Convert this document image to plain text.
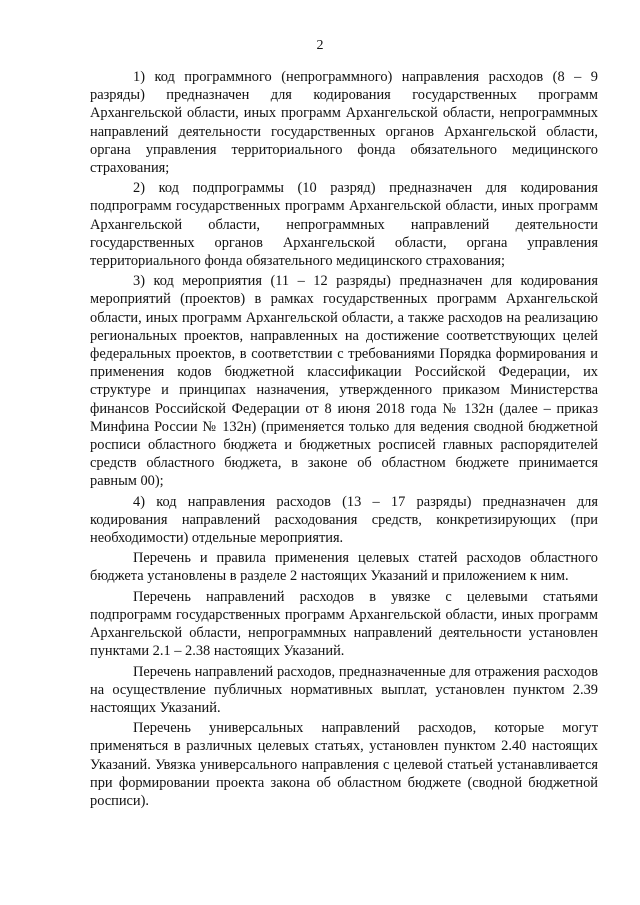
2

1) код программного (непрограммного) направления расходов (8 – 9 разряды) предназначен для кодирования государственных программ Архангельской области, иных программ Архангельской области, непрограммных направлений деятельности государственных органов Архангельской области, органа управления территориального фонда обязательного медицинского страхования;

2) код подпрограммы (10 разряд) предназначен для кодирования подпрограмм государственных программ Архангельской области, иных программ Архангельской области, непрограммных направлений деятельности государственных органов Архангельской области, органа управления территориального фонда обязательного медицинского страхования;

3) код мероприятия (11 – 12 разряды) предназначен для кодирования мероприятий (проектов) в рамках государственных программ Архангельской области, иных программ Архангельской области, а также расходов на реализацию региональных проектов, направленных на достижение соответствующих целей федеральных проектов, в соответствии с требованиями Порядка формирования и применения кодов бюджетной классификации Российской Федерации, их структуре и принципах назначения, утвержденного приказом Министерства финансов Российской Федерации от 8 июня 2018 года № 132н (далее – приказ Минфина России № 132н) (применяется только для ведения сводной бюджетной росписи областного бюджета и бюджетных росписей главных распорядителей средств областного бюджета, в законе об областном бюджете принимается равным 00);

4) код направления расходов (13 – 17 разряды) предназначен для кодирования направлений расходования средств, конкретизирующих (при необходимости) отдельные мероприятия.

Перечень и правила применения целевых статей расходов областного бюджета установлены в разделе 2 настоящих Указаний и приложением к ним.

Перечень направлений расходов в увязке с целевыми статьями подпрограмм государственных программ Архангельской области, иных программ Архангельской области, непрограммных направлений деятельности установлен пунктами 2.1 – 2.38 настоящих Указаний.

Перечень направлений расходов, предназначенные для отражения расходов на осуществление публичных нормативных выплат, установлен пунктом 2.39 настоящих Указаний.

Перечень универсальных направлений расходов, которые могут применяться в различных целевых статьях, установлен пунктом 2.40 настоящих Указаний. Увязка универсального направления с целевой статьей устанавливается при формировании проекта закона об областном бюджете (сводной бюджетной росписи).
